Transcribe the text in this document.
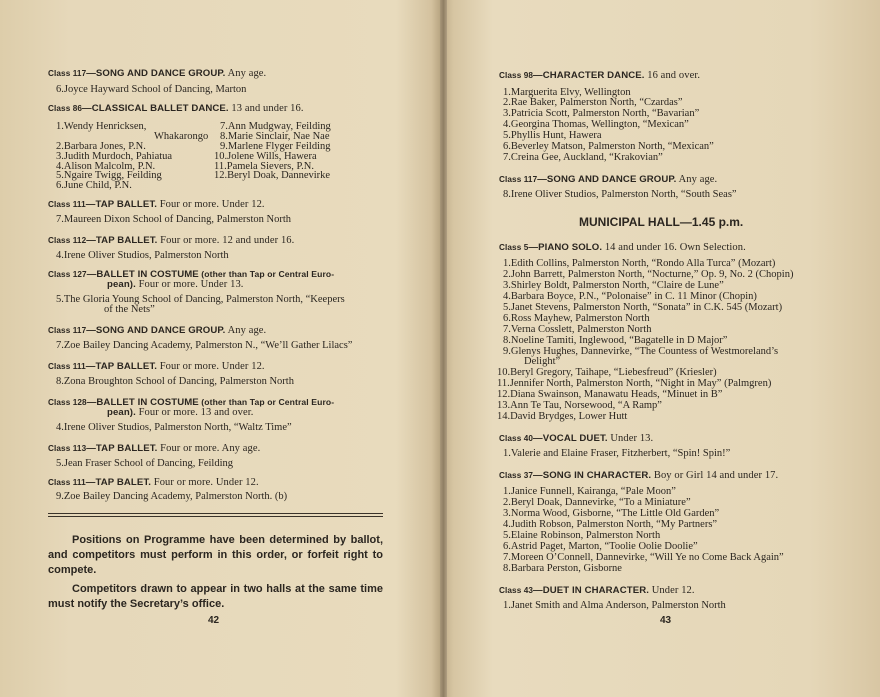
Positions on Programme have been determined by ballot, and competitors must perform in this order, or forfeit right to compete.
Competitors drawn to appear in two halls at the same time must notify the Secretary’s office.
42
Class 117—SONG AND DANCE GROUP. Any age.
6.Joyce Hayward School of Dancing, Marton
Class 86—CLASSICAL BALLET DANCE. 13 and under 16.
1.Wendy Henricksen,
Whakarongo
2.Barbara Jones, P.N.
3.Judith Murdoch, Pahiatua
4.Alison Malcolm, P.N.
5.Ngaire Twigg, Feilding
6.June Child, P.N.
7.Ann Mudgway, Feilding
8.Marie Sinclair, Nae Nae
9.Marlene Flyger Feilding
10.Jolene Wills, Hawera
11.Pamela Sievers, P.N.
12.Beryl Doak, Dannevirke
Class 111—TAP BALLET. Four or more. Under 12.
7.Maureen Dixon School of Dancing, Palmerston North
Class 112—TAP BALLET. Four or more. 12 and under 16.
4.Irene Oliver Studios, Palmerston North
Class 127—BALLET IN COSTUME (other than Tap or Central Euro-
pean). Four or more. Under 13.
5.The Gloria Young School of Dancing, Palmerston North, “Keepers
of the Nets”
Class 117—SONG AND DANCE GROUP. Any age.
7.Zoe Bailey Dancing Academy, Palmerston N., “We’ll Gather Lilacs”
Class 111—TAP BALLET. Four or more. Under 12.
8.Zona Broughton School of Dancing, Palmerston North
Class 128—BALLET IN COSTUME (other than Tap or Central Euro-
pean). Four or more. 13 and over.
4.Irene Oliver Studios, Palmerston North, “Waltz Time”
Class 113—TAP BALLET. Four or more. Any age.
5.Jean Fraser School of Dancing, Feilding
Class 111—TAP BALET. Four or more. Under 12.
9.Zoe Bailey Dancing Academy, Palmerston North. (b)
MUNICIPAL HALL—1.45 p.m.
43
Class 98—CHARACTER DANCE. 16 and over.
1.Marguerita Elvy, Wellington
2.Rae Baker, Palmerston North, “Czardas”
3.Patricia Scott, Palmerston North, “Bavarian”
4.Georgina Thomas, Wellington, “Mexican”
5.Phyllis Hunt, Hawera
6.Beverley Matson, Palmerston North, “Mexican”
7.Creina Gee, Auckland, “Krakovian”
Class 117—SONG AND DANCE GROUP. Any age.
8.Irene Oliver Studios, Palmerston North, “South Seas”
Class 5—PIANO SOLO. 14 and under 16. Own Selection.
1.Edith Collins, Palmerston North, “Rondo Alla Turca” (Mozart)
2.John Barrett, Palmerston North, “Nocturne,” Op. 9, No. 2 (Chopin)
3.Shirley Boldt, Palmerston North, “Claire de Lune”
4.Barbara Boyce, P.N., “Polonaise” in C. 11 Minor (Chopin)
5.Janet Stevens, Palmerston North, “Sonata” in C.K. 545 (Mozart)
6.Ross Mayhew, Palmerston North
7.Verna Cosslett, Palmerston North
8.Noeline Tamiti, Inglewood, “Bagatelle in D Major”
9.Glenys Hughes, Dannevirke, “The Countess of Westmoreland’s
Delight”
10.Beryl Gregory, Taihape, “Liebesfreud” (Kriesler)
11.Jennifer North, Palmerston North, “Night in May” (Palmgren)
12.Diana Swainson, Manawatu Heads, “Minuet in B”
13.Ann Te Tau, Norsewood, “A Ramp”
14.David Brydges, Lower Hutt
Class 40—VOCAL DUET. Under 13.
1.Valerie and Elaine Fraser, Fitzherbert, “Spin! Spin!”
Class 37—SONG IN CHARACTER. Boy or Girl 14 and under 17.
1.Janice Funnell, Kairanga, “Pale Moon”
2.Beryl Doak, Dannevirke, “To a Miniature”
3.Norma Wood, Gisborne, “The Little Old Garden”
4.Judith Robson, Palmerston North, “My Partners”
5.Elaine Robinson, Palmerston North
6.Astrid Paget, Marton, “Toolie Oolie Doolie”
7.Moreen O’Connell, Dannevirke, “Will Ye no Come Back Again”
8.Barbara Perston, Gisborne
Class 43—DUET IN CHARACTER. Under 12.
1.Janet Smith and Alma Anderson, Palmerston North
